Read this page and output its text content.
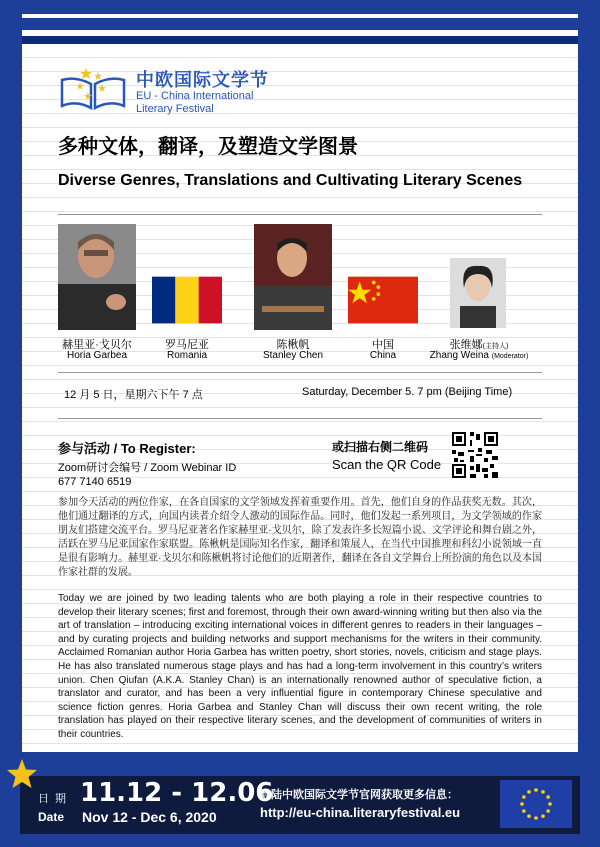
中欧国际文学节
EU - China International
Literary Festival
多种文体，翻译，及塑造文学图景
Diverse Genres, Translations and Cultivating Literary Scenes
赫里亚·戈贝尔
Horia Garbea
罗马尼亚
Romania
陈楸帆
Stanley Chen
中国
China
张维娜(主持人)
Zhang Weina (Moderator)
12 月 5 日，星期六下午 7 点	Saturday, December 5. 7 pm (Beijing Time)
参与活动 / To Register:
Zoom研讨会编号 / Zoom Webinar ID
677 7140 6519
或扫描右侧二维码
Scan the QR Code
参加今天活动的两位作家，在各自国家的文学领域发挥着重要作用。首先，他们自身的作品获奖无数。其次，他们通过翻译的方式，向国内读者介绍令人激动的国际作品。同时，他们发起一系列项目，为文学领域的作家朋友们搭建交流平台。罗马尼亚著名作家赫里亚·戈贝尔，除了发表许多长短篇小说、文学评论和舞台剧之外，活跃在罗马尼亚国家作家联盟。陈楸帆是国际知名作家，翻译和策展人，在当代中国推理和科幻小说领域一直是很有影响力。赫里亚·戈贝尔和陈楸帆将讨论他们的近期著作，翻译在各自文学舞台上所扮演的角色以及本国作家社群的发展。
Today we are joined by two leading talents who are both playing a role in their respective countries to develop their literary scenes; first and foremost, through their own award-winning writing but then also via the art of translation – introducing exciting international voices in different genres to readers in their languages – and by curating projects and building networks and support mechanisms for the writers in their community. Acclaimed Romanian author Horia Garbea has written poetry, short stories, novels, criticism and stage plays. He has also translated numerous stage plays and has had a long-term involvement in this country’s writers union. Chen Qiufan (A.K.A. Stanley Chan) is an internationally renowned author of speculative fiction, a translator and curator, and has been a very influential figure in contemporary Chinese speculative and science fiction genres. Horia Garbea and Stanley Chan will discuss their own recent writing, the role translation has played on their respective literary scenes, and the development of communities of writers in their countries.
日期
Date
11.12 - 12.06
Nov 12 - Dec 6, 2020
登陆中欧国际文学节官网获取更多信息：
http://eu-china.literaryfestival.eu
